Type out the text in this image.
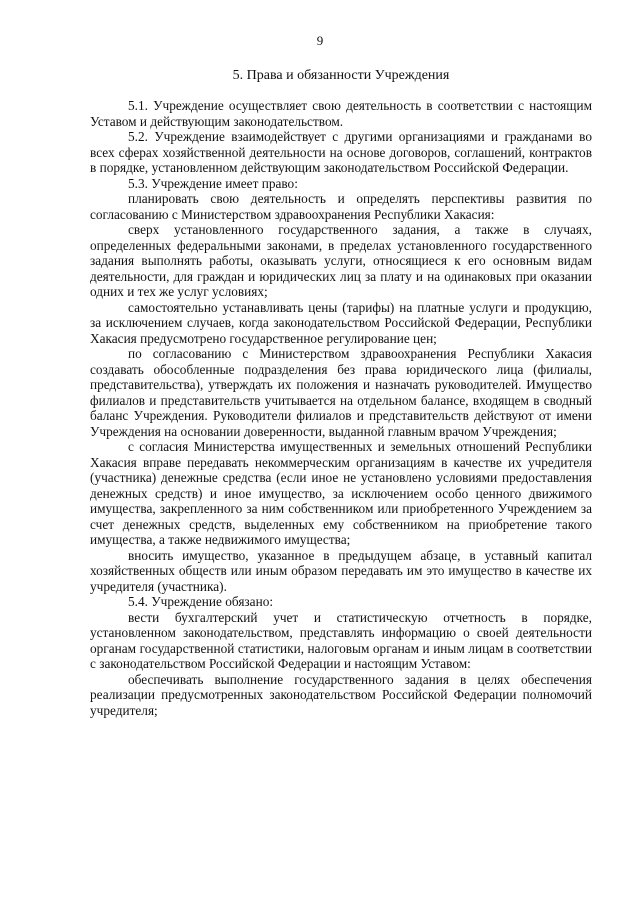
9
5. Права и обязанности Учреждения

5.1. Учреждение осуществляет свою деятельность в соответствии с настоящим Уставом и действующим законодательством.

5.2. Учреждение взаимодействует с другими организациями и гражданами во всех сферах хозяйственной деятельности на основе договоров, соглашений, контрактов в порядке, установленном действующим законодательством Российской Федерации.

5.3. Учреждение имеет право:

планировать свою деятельность и определять перспективы развития по согласованию с Министерством здравоохранения Республики Хакасия:

сверх установленного государственного задания, а также в случаях, определенных федеральными законами, в пределах установленного государственного задания выполнять работы, оказывать услуги, относящиеся к его основным видам деятельности, для граждан и юридических лиц за плату и на одинаковых при оказании одних и тех же услуг условиях;

самостоятельно устанавливать цены (тарифы) на платные услуги и продукцию, за исключением случаев, когда законодательством Российской Федерации, Республики Хакасия предусмотрено государственное регулирование цен;

по согласованию с Министерством здравоохранения Республики Хакасия создавать обособленные подразделения без права юридического лица (филиалы, представительства), утверждать их положения и назначать руководителей. Имущество филиалов и представительств учитывается на отдельном балансе, входящем в сводный баланс Учреждения. Руководители филиалов и представительств действуют от имени Учреждения на основании доверенности, выданной главным врачом Учреждения;

с согласия Министерства имущественных и земельных отношений Республики Хакасия вправе передавать некоммерческим организациям в качестве их учредителя (участника) денежные средства (если иное не установлено условиями предоставления денежных средств) и иное имущество, за исключением особо ценного движимого имущества, закрепленного за ним собственником или приобретенного Учреждением за счет денежных средств, выделенных ему собственником на приобретение такого имущества, а также недвижимого имущества;

вносить имущество, указанное в предыдущем абзаце, в уставный капитал хозяйственных обществ или иным образом передавать им это имущество в качестве их учредителя (участника).

5.4. Учреждение обязано:

вести бухгалтерский учет и статистическую отчетность в порядке, установленном законодательством, представлять информацию о своей деятельности органам государственной статистики, налоговым органам и иным лицам в соответствии с законодательством Российской Федерации и настоящим Уставом:

обеспечивать выполнение государственного задания в целях обеспечения реализации предусмотренных законодательством Российской Федерации полномочий учредителя;
